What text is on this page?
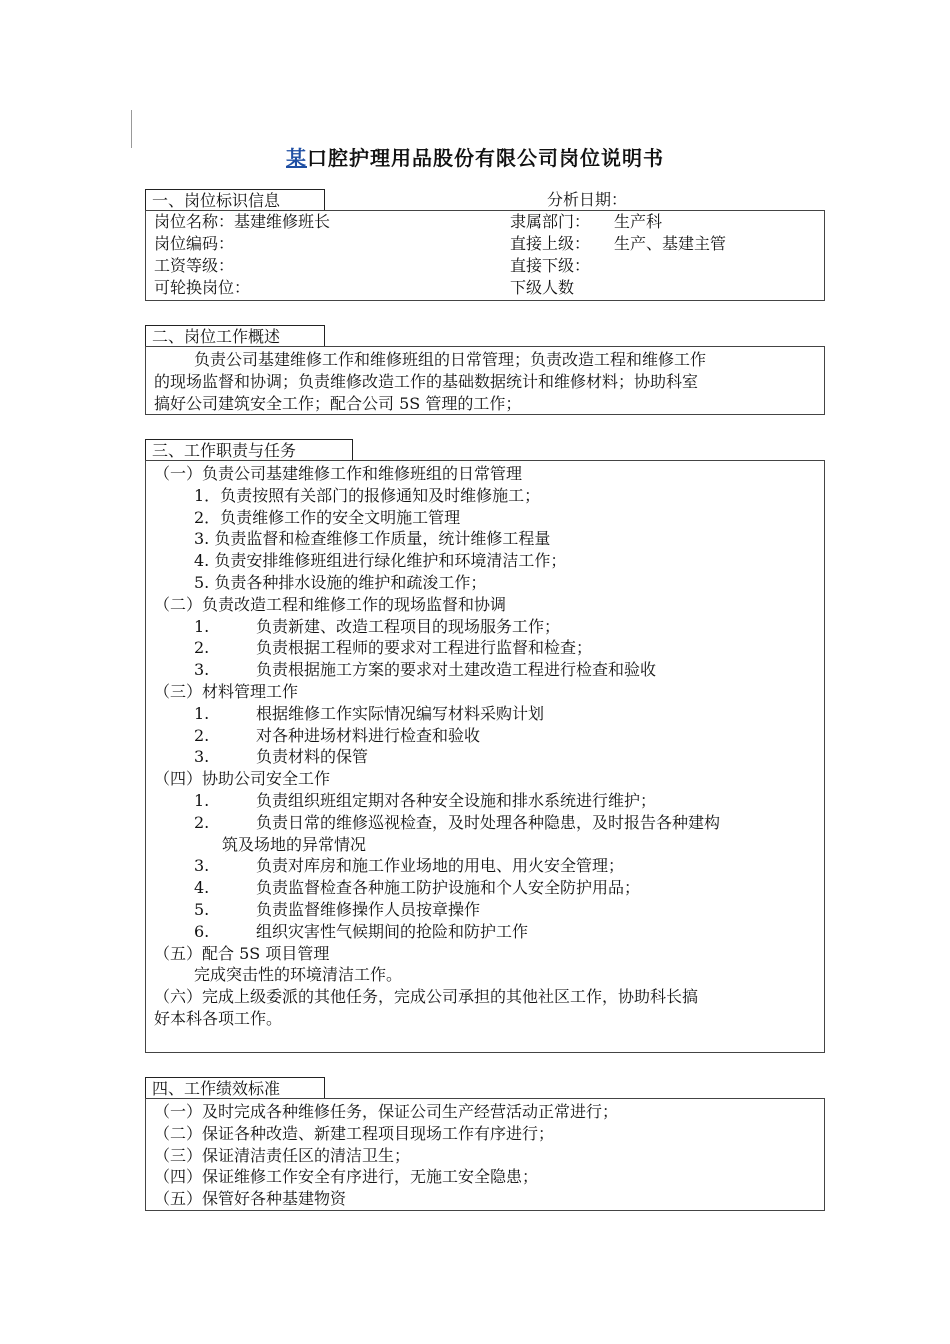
某口腔护理用品股份有限公司岗位说明书
一、岗位标识信息	分析日期：
岗位名称：基建维修班长	隶属部门： 生产科
岗位编码：	直接上级： 生产、基建主管
工资等级：	直接下级：
可轮换岗位：	下级人数
二、岗位工作概述
负责公司基建维修工作和维修班组的日常管理；负责改造工程和维修工作
的现场监督和协调；负责维修改造工作的基础数据统计和维修材料；协助科室
搞好公司建筑安全工作；配合公司 5S 管理的工作；
三、工作职责与任务
（一）负责公司基建维修工作和维修班组的日常管理
1．负责按照有关部门的报修通知及时维修施工；
2．负责维修工作的安全文明施工管理
3. 负责监督和检查维修工作质量，统计维修工程量
4. 负责安排维修班组进行绿化维护和环境清洁工作；
5. 负责各种排水设施的维护和疏浚工作；
（二）负责改造工程和维修工作的现场监督和协调
1.	负责新建、改造工程项目的现场服务工作；
2.	负责根据工程师的要求对工程进行监督和检查；
3.	负责根据施工方案的要求对土建改造工程进行检查和验收
（三）材料管理工作
1.	根据维修工作实际情况编写材料采购计划
2.	对各种进场材料进行检查和验收
3.	负责材料的保管
（四）协助公司安全工作
1.	负责组织班组定期对各种安全设施和排水系统进行维护；
2.	负责日常的维修巡视检查，及时处理各种隐患，及时报告各种建构
筑及场地的异常情况
3.	负责对库房和施工作业场地的用电、用火安全管理；
4.	负责监督检查各种施工防护设施和个人安全防护用品；
5.	负责监督维修操作人员按章操作
6.	组织灾害性气候期间的抢险和防护工作
（五）配合 5S 项目管理
完成突击性的环境清洁工作。
（六）完成上级委派的其他任务，完成公司承担的其他社区工作，协助科长搞
好本科各项工作。
四、工作绩效标准
（一）及时完成各种维修任务，保证公司生产经营活动正常进行；
（二）保证各种改造、新建工程项目现场工作有序进行；
（三）保证清洁责任区的清洁卫生；
（四）保证维修工作安全有序进行，无施工安全隐患；
（五）保管好各种基建物资
